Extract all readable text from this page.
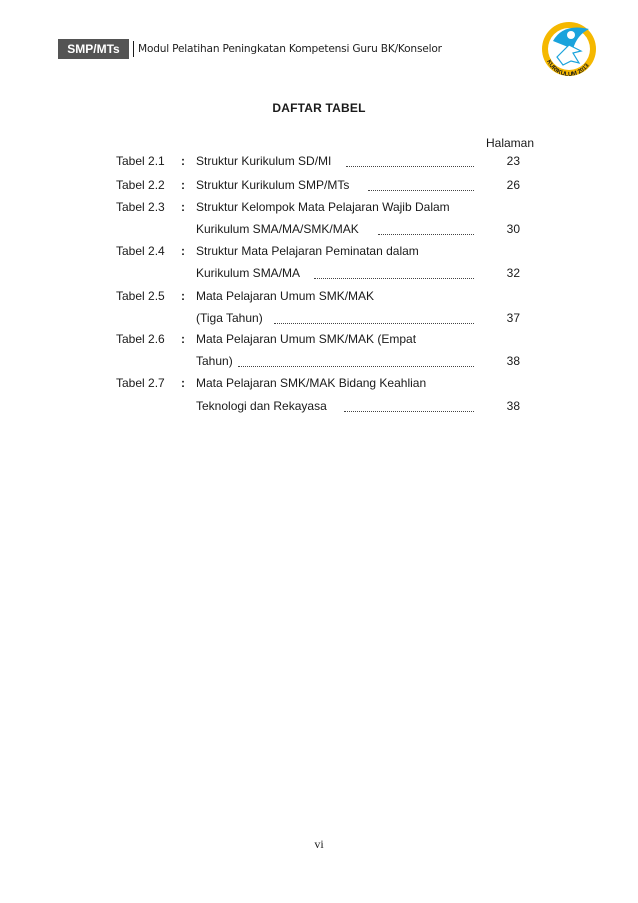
SMP/MTs	Modul Pelatihan Peningkatan Kompetensi Guru BK/Konselor
KURIKULUM 2013
DAFTAR TABEL
Halaman
Tabel 2.1 : Struktur Kurikulum SD/MI	23
Tabel 2.2 : Struktur Kurikulum SMP/MTs	26
Tabel 2.3 : Struktur Kelompok Mata Pelajaran Wajib Dalam
Kurikulum SMA/MA/SMK/MAK	30
Tabel 2.4 : Struktur Mata Pelajaran Peminatan dalam
Kurikulum SMA/MA	32
Tabel 2.5 : Mata Pelajaran Umum SMK/MAK
(Tiga Tahun)	37
Tabel 2.6 : Mata Pelajaran Umum SMK/MAK (Empat
Tahun)	38
Tabel 2.7 : Mata Pelajaran SMK/MAK Bidang Keahlian
Teknologi dan Rekayasa	38
vi
